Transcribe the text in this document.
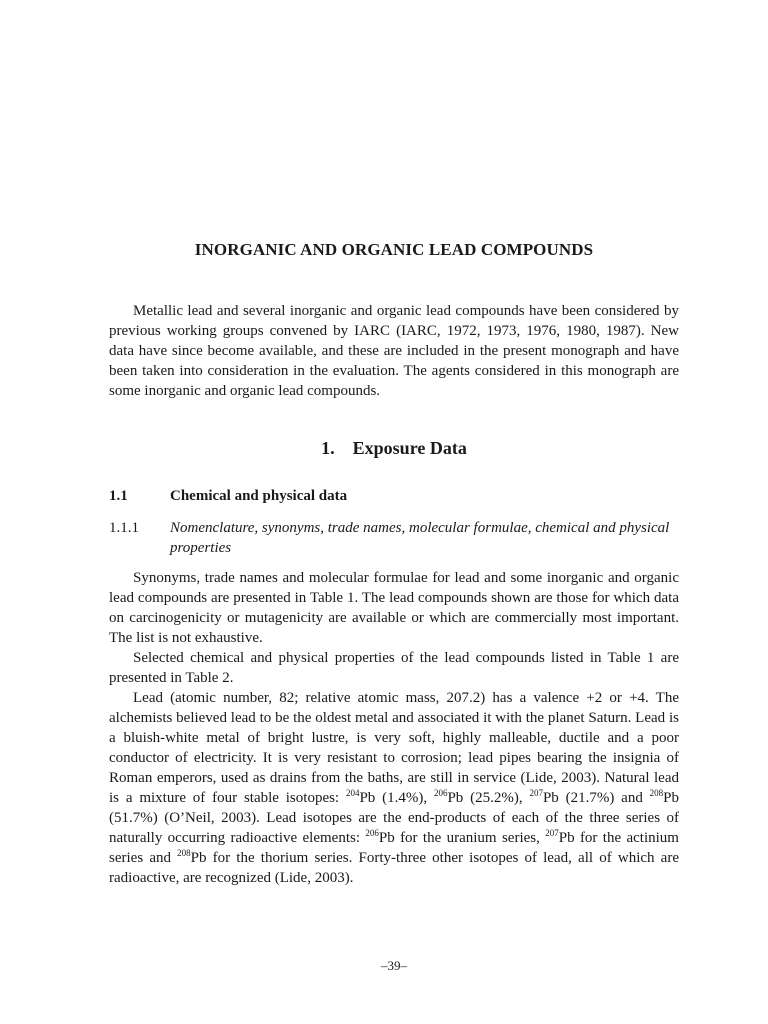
INORGANIC AND ORGANIC LEAD COMPOUNDS

Metallic lead and several inorganic and organic lead compounds have been considered by previous working groups convened by IARC (IARC, 1972, 1973, 1976, 1980, 1987). New data have since become available, and these are included in the present monograph and have been taken into consideration in the evaluation. The agents considered in this monograph are some inorganic and organic lead compounds.

1. Exposure Data
1.1	Chemical and physical data
1.1.1	Nomenclature, synonyms, trade names, molecular formulae, chemical and physical properties

Synonyms, trade names and molecular formulae for lead and some inorganic and organic lead compounds are presented in Table 1. The lead compounds shown are those for which data on carcinogenicity or mutagenicity are available or which are commercially most important. The list is not exhaustive.

Selected chemical and physical properties of the lead compounds listed in Table 1 are presented in Table 2.

Lead (atomic number, 82; relative atomic mass, 207.2) has a valence +2 or +4. The alchemists believed lead to be the oldest metal and associated it with the planet Saturn. Lead is a bluish-white metal of bright lustre, is very soft, highly malleable, ductile and a poor conductor of electricity. It is very resistant to corrosion; lead pipes bearing the insignia of Roman emperors, used as drains from the baths, are still in service (Lide, 2003). Natural lead is a mixture of four stable isotopes: $^{204}$Pb (1.4%), $^{206}$Pb (25.2%), $^{207}$Pb (21.7%) and $^{208}$Pb (51.7%) (O’Neil, 2003). Lead isotopes are the end-products of each of the three series of naturally occurring radioactive elements: $^{206}$Pb for the uranium series, $^{207}$Pb for the actinium series and $^{208}$Pb for the thorium series. Forty-three other isotopes of lead, all of which are radioactive, are recognized (Lide, 2003).

–39–
